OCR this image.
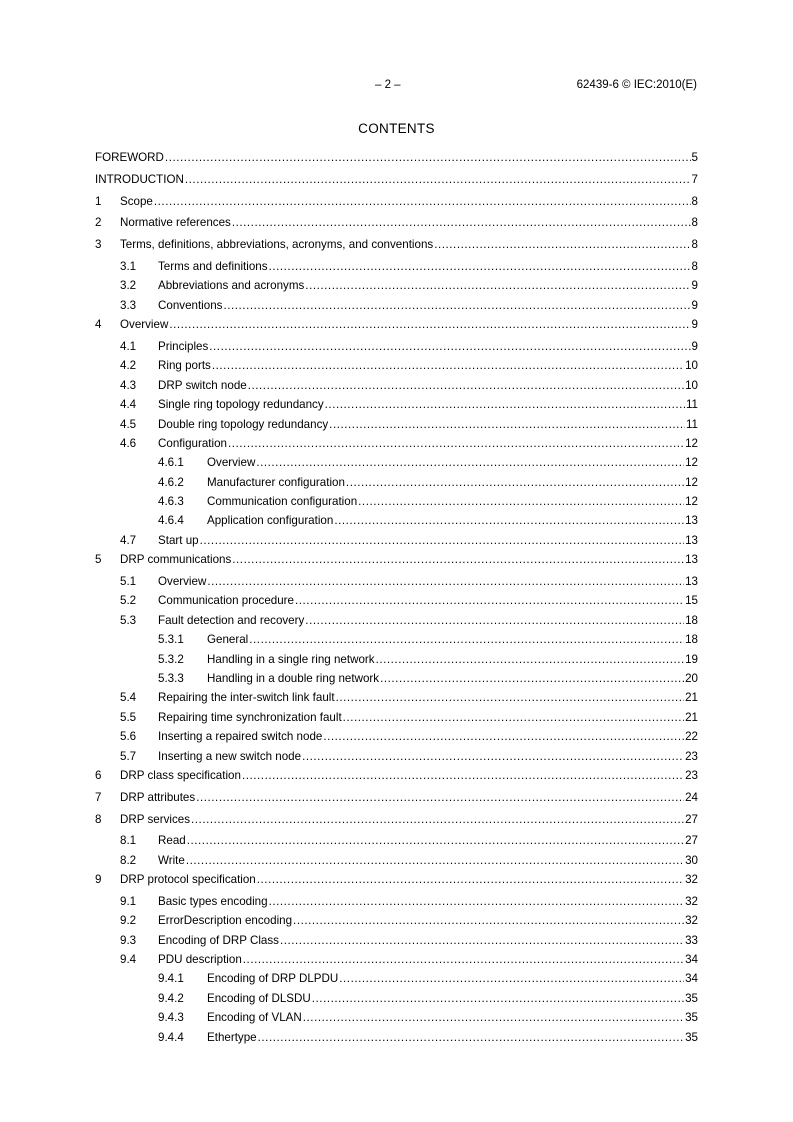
– 2 –	62439-6 © IEC:2010(E)
CONTENTS
FOREWORD .....	5
INTRODUCTION .....	7
1 Scope .....	8
2 Normative references .....	8
3 Terms, definitions, abbreviations, acronyms, and conventions .....	8
3.1 Terms and definitions .....	8
3.2 Abbreviations and acronyms .....	9
3.3 Conventions .....	9
4 Overview .....	9
4.1 Principles .....	9
4.2 Ring ports .....	10
4.3 DRP switch node .....	10
4.4 Single ring topology redundancy .....	11
4.5 Double ring topology redundancy .....	11
4.6 Configuration .....	12
4.6.1 Overview .....	12
4.6.2 Manufacturer configuration .....	12
4.6.3 Communication configuration .....	12
4.6.4 Application configuration .....	13
4.7 Start up .....	13
5 DRP communications .....	13
5.1 Overview .....	13
5.2 Communication procedure .....	15
5.3 Fault detection and recovery .....	18
5.3.1 General .....	18
5.3.2 Handling in a single ring network .....	19
5.3.3 Handling in a double ring network .....	20
5.4 Repairing the inter-switch link fault .....	21
5.5 Repairing time synchronization fault .....	21
5.6 Inserting a repaired switch node .....	22
5.7 Inserting a new switch node .....	23
6 DRP class specification .....	23
7 DRP attributes .....	24
8 DRP services .....	27
8.1 Read .....	27
8.2 Write .....	30
9 DRP protocol specification .....	32
9.1 Basic types encoding .....	32
9.2 ErrorDescription encoding .....	32
9.3 Encoding of DRP Class .....	33
9.4 PDU description .....	34
9.4.1 Encoding of DRP DLPDU .....	34
9.4.2 Encoding of DLSDU .....	35
9.4.3 Encoding of VLAN .....	35
9.4.4 Ethertype .....	35
